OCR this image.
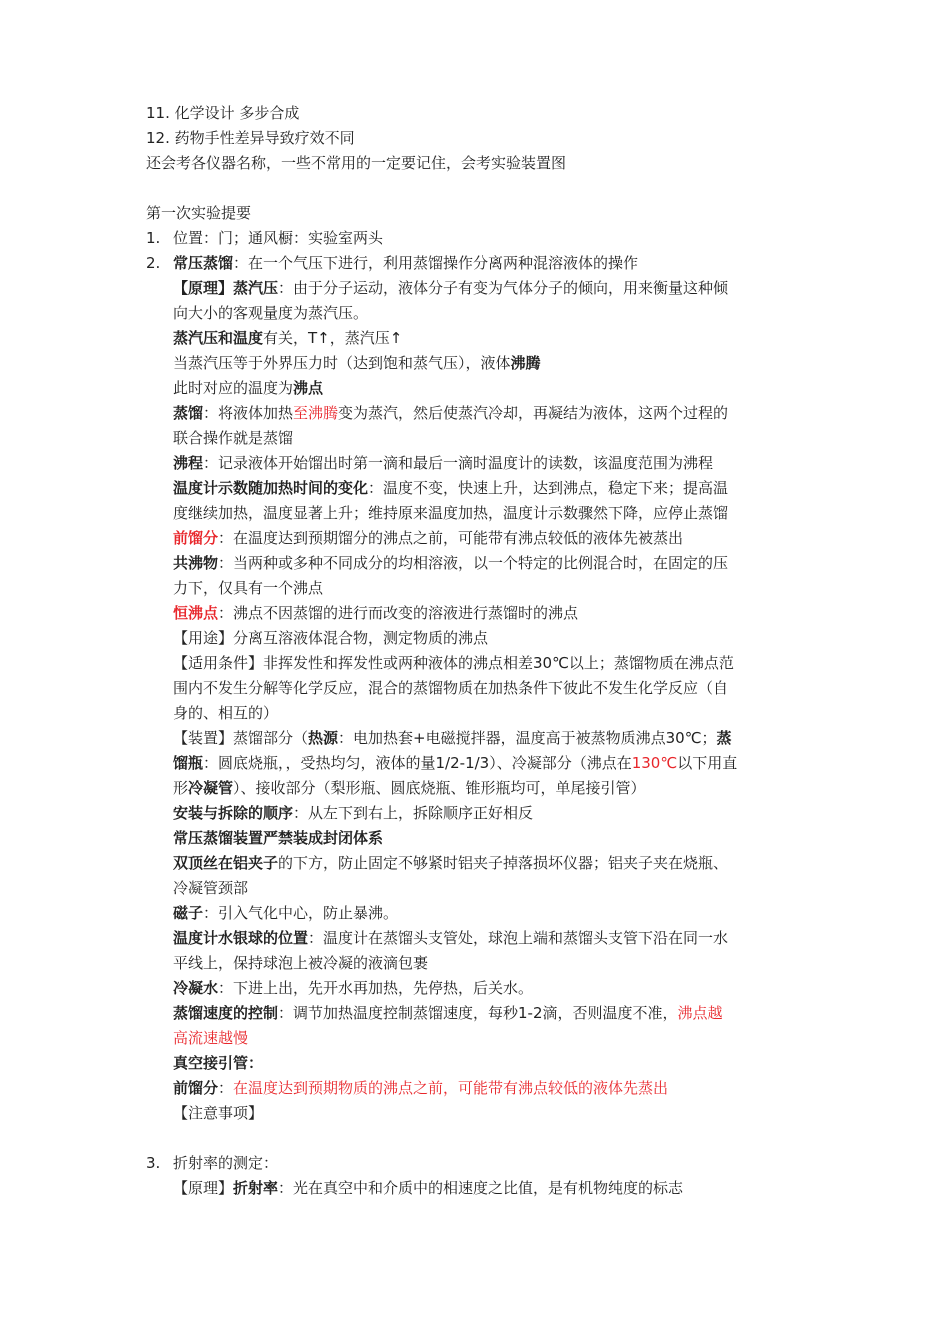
11. 化学设计 多步合成
12. 药物手性差异导致疗效不同
还会考各仪器名称，一些不常用的一定要记住，会考实验装置图
第一次实验提要
1. 位置：门；通风橱：实验室两头
2. 常压蒸馏：在一个气压下进行，利用蒸馏操作分离两种混溶液体的操作
【原理】蒸汽压：由于分子运动，液体分子有变为气体分子的倾向，用来衡量这种倾
向大小的客观量度为蒸汽压。
蒸汽压和温度有关，T↑，蒸汽压↑
当蒸汽压等于外界压力时（达到饱和蒸气压），液体沸腾
此时对应的温度为沸点
蒸馏：将液体加热至沸腾变为蒸汽，然后使蒸汽冷却，再凝结为液体，这两个过程的
联合操作就是蒸馏
沸程：记录液体开始馏出时第一滴和最后一滴时温度计的读数，该温度范围为沸程
温度计示数随加热时间的变化：温度不变，快速上升，达到沸点，稳定下来；提高温
度继续加热，温度显著上升；维持原来温度加热，温度计示数骤然下降，应停止蒸馏
前馏分：在温度达到预期馏分的沸点之前，可能带有沸点较低的液体先被蒸出
共沸物：当两种或多种不同成分的均相溶液，以一个特定的比例混合时，在固定的压
力下，仅具有一个沸点
恒沸点：沸点不因蒸馏的进行而改变的溶液进行蒸馏时的沸点
【用途】分离互溶液体混合物，测定物质的沸点
【适用条件】非挥发性和挥发性或两种液体的沸点相差30℃以上；蒸馏物质在沸点范
围内不发生分解等化学反应，混合的蒸馏物质在加热条件下彼此不发生化学反应（自
身的、相互的）
【装置】蒸馏部分（热源：电加热套+电磁搅拌器，温度高于被蒸物质沸点30℃；蒸
馏瓶：圆底烧瓶，，受热均匀，液体的量1/2-1/3）、冷凝部分（沸点在130℃以下用直
形冷凝管）、接收部分（梨形瓶、圆底烧瓶、锥形瓶均可，单尾接引管）
安装与拆除的顺序：从左下到右上，拆除顺序正好相反
常压蒸馏装置严禁装成封闭体系
双顶丝在铝夹子的下方，防止固定不够紧时铝夹子掉落损坏仪器；铝夹子夹在烧瓶、
冷凝管颈部
磁子：引入气化中心，防止暴沸。
温度计水银球的位置：温度计在蒸馏头支管处，球泡上端和蒸馏头支管下沿在同一水
平线上，保持球泡上被冷凝的液滴包裹
冷凝水：下进上出，先开水再加热，先停热，后关水。
蒸馏速度的控制：调节加热温度控制蒸馏速度，每秒1-2滴，否则温度不准，沸点越
高流速越慢
真空接引管：
前馏分：在温度达到预期物质的沸点之前，可能带有沸点较低的液体先蒸出
【注意事项】
3. 折射率的测定：
【原理】折射率：光在真空中和介质中的相速度之比值，是有机物纯度的标志
